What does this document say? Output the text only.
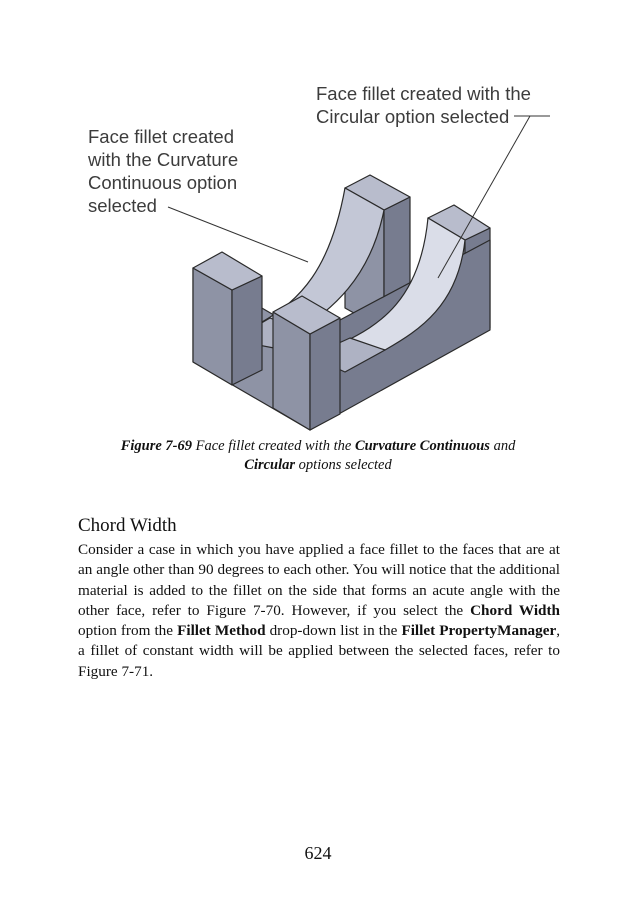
Face fillet created
with the Curvature
Continuous option
selected
Face fillet created with the
Circular option selected
Figure 7-69 Face fillet created with the Curvature Continuous and
Circular options selected
Chord Width

Consider a case in which you have applied a face fillet to the faces that are at an angle other than 90 degrees to each other. You will notice that the additional material is added to the fillet on the side that forms an acute angle with the other face, refer to Figure 7-70. However, if you select the Chord Width option from the Fillet Method drop-down list in the Fillet PropertyManager, a fillet of constant width will be applied between the selected faces, refer to Figure 7-71.

624
